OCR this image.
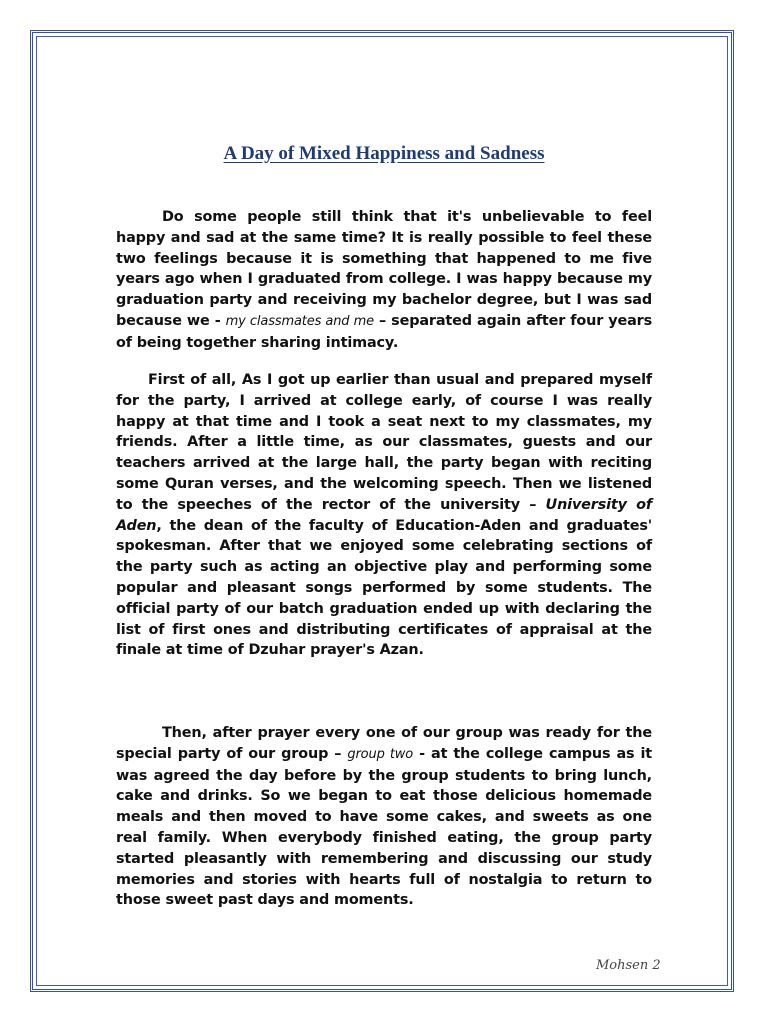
A Day of Mixed Happiness and Sadness

Do some people still think that it's unbelievable to feel happy and sad at the same time? It is really possible to feel these two feelings because it is something that happened to me five years ago when I graduated from college. I was happy because my graduation party and receiving my bachelor degree, but I was sad because we - my classmates and me – separated again after four years of being together sharing intimacy.

First of all, As I got up earlier than usual and prepared myself for the party, I arrived at college early, of course I was really happy at that time and I took a seat next to my classmates, my friends. After a little time, as our classmates, guests and our teachers arrived at the large hall, the party began with reciting some Quran verses, and the welcoming speech. Then we listened to the speeches of the rector of the university – University of Aden, the dean of the faculty of Education-Aden and graduates' spokesman. After that we enjoyed some celebrating sections of the party such as acting an objective play and performing some popular and pleasant songs performed by some students. The official party of our batch graduation ended up with declaring the list of first ones and distributing certificates of appraisal at the finale at time of Dzuhar prayer's Azan.

Then, after prayer every one of our group was ready for the special party of our group – group two - at the college campus as it was agreed the day before by the group students to bring lunch, cake and drinks. So we began to eat those delicious homemade meals and then moved to have some cakes, and sweets as one real family. When everybody finished eating, the group party started pleasantly with remembering and discussing our study memories and stories with hearts full of nostalgia to return to those sweet past days and moments.

Mohsen 2
